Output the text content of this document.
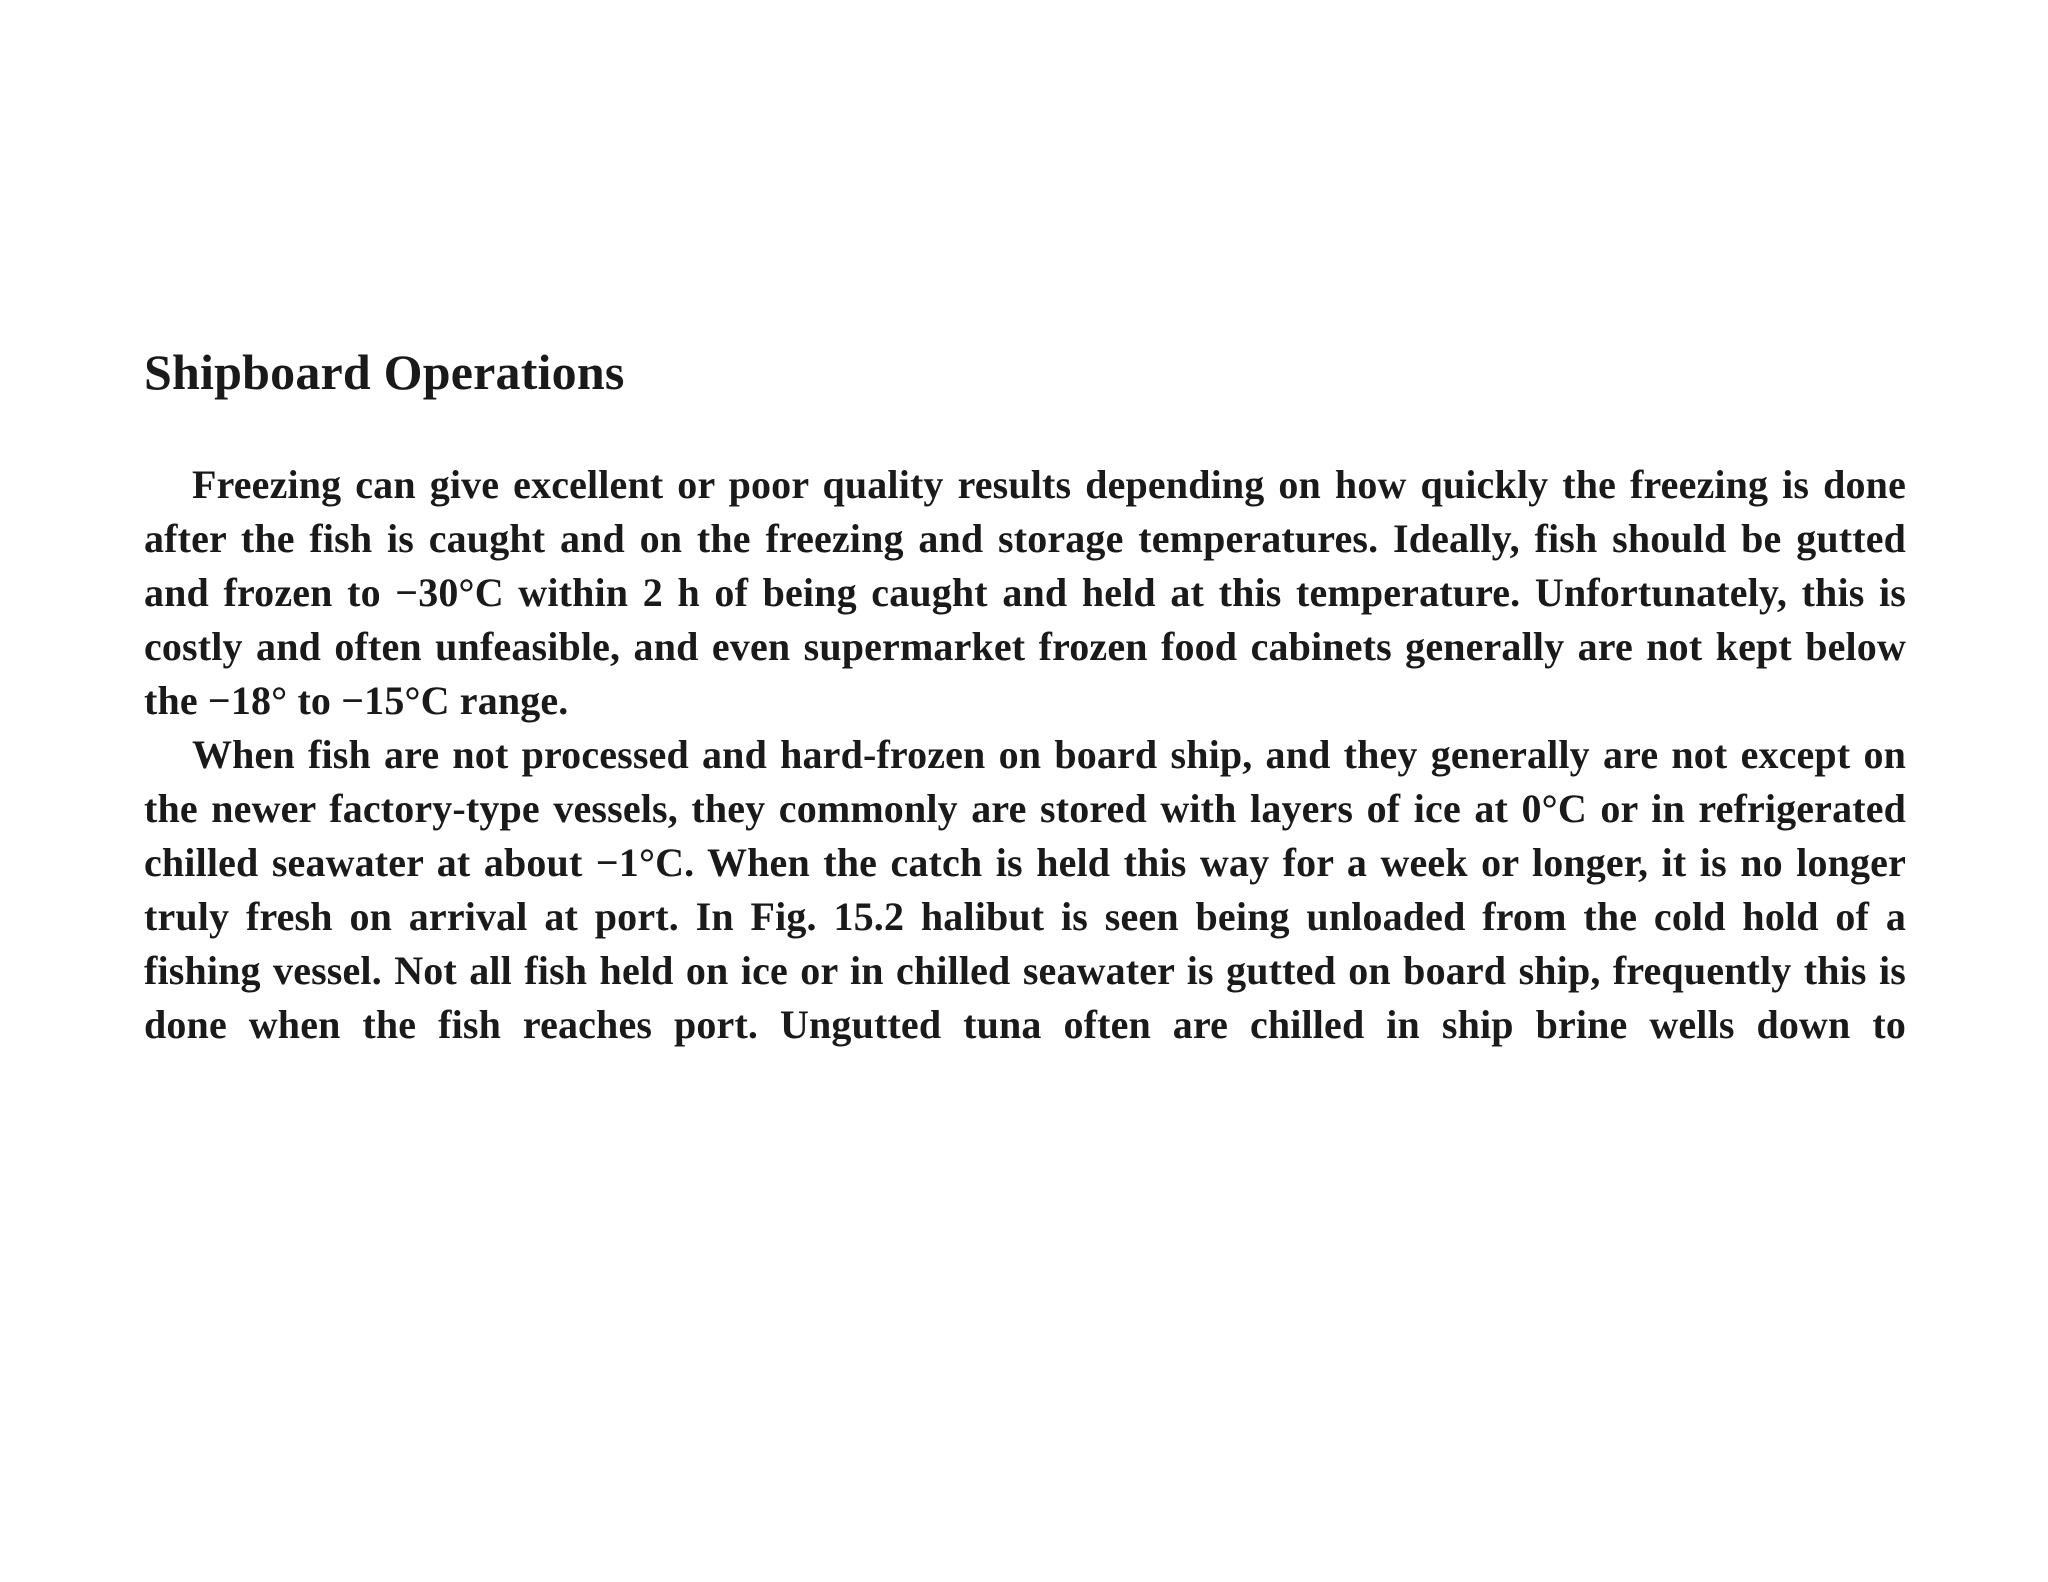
Shipboard Operations

Freezing can give excellent or poor quality results depending on how quickly the freezing is done after the fish is caught and on the freezing and storage temperatures. Ideally, fish should be gutted and frozen to −30°C within 2 h of being caught and held at this temperature. Unfortunately, this is costly and often unfeasible, and even supermarket frozen food cabinets generally are not kept below the −18° to −15°C range.

When fish are not processed and hard-frozen on board ship, and they generally are not except on the newer factory-type vessels, they commonly are stored with layers of ice at 0°C or in refrigerated chilled seawater at about −1°C. When the catch is held this way for a week or longer, it is no longer truly fresh on arrival at port. In Fig. 15.2 halibut is seen being unloaded from the cold hold of a fishing vessel. Not all fish held on ice or in chilled seawater is gutted on board ship, frequently this is done when the fish reaches port. Ungutted tuna often are chilled in ship brine wells down to
